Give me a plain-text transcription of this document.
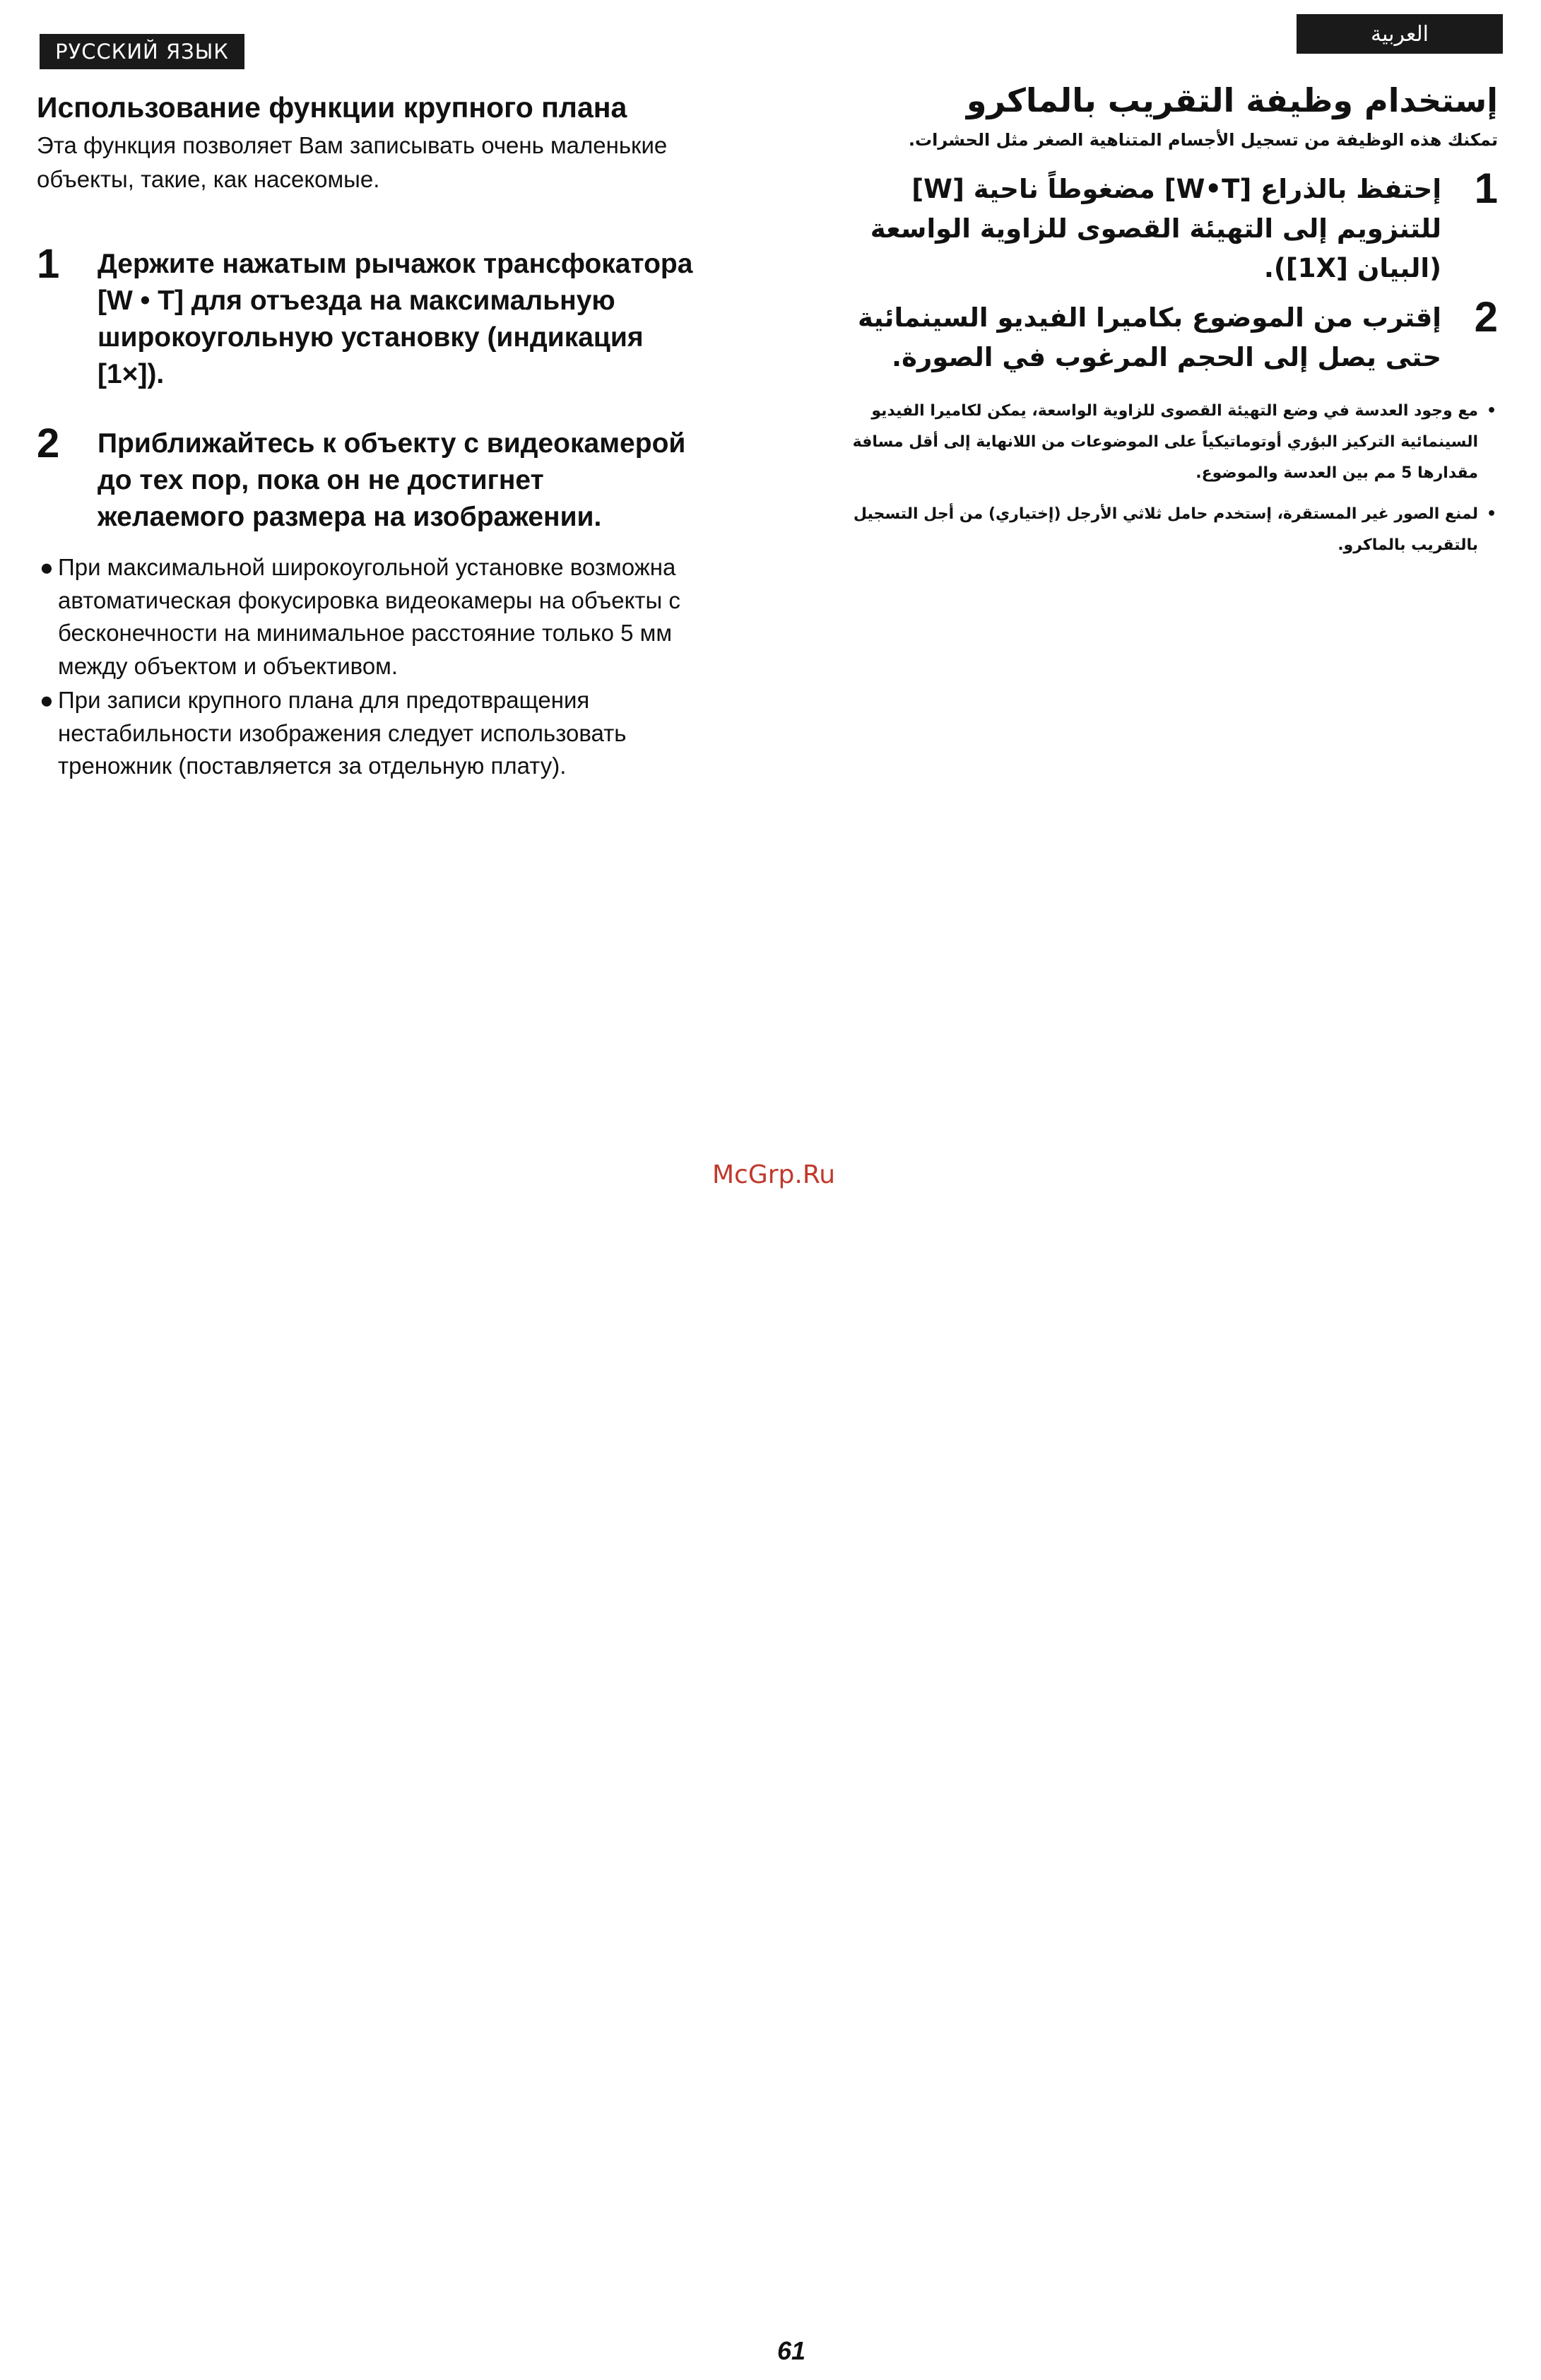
РУССКИЙ ЯЗЫК
العربية
Использование функции крупного плана

Эта функция позволяет Вам записывать очень маленькие объекты, такие, как насекомые.

1 Держите нажатым рычажок трансфокатора [W • T] для отъезда на максимальную широкоугольную установку (индикация [1×]).
2 Приближайтесь к объекту с видеокамерой до тех пор, пока он не достигнет желаемого размера на изображении.
● При максимальной широкоугольной установке возможна автоматическая фокусировка видеокамеры на объекты с бесконечности на минимальное расстояние только 5 мм между объектом и объективом.
● При записи крупного плана для предотвращения нестабильности изображения следует использовать треножник (поставляется за отдельную плату).
إستخدام وظيفة التقريب بالماكرو

تمكنك هذه الوظيفة من تسجيل الأجسام المتناهية الصغر مثل الحشرات.

1
إحتفظ بالذراع [W•T] مضغوطاً ناحية [W] للتنزويم إلى التهيئة القصوى للزاوية الواسعة (البيان [1X]).
2
إقترب من الموضوع بكاميرا الفيديو السينمائية حتى يصل إلى الحجم المرغوب في الصورة.
•
مع وجود العدسة في وضع التهيئة القصوى للزاوية الواسعة، يمكن لكاميرا الفيديو السينمائية التركيز البؤري أوتوماتيكياً على الموضوعات من اللانهاية إلى أقل مسافة مقدارها 5 مم بين العدسة والموضوع.
•
لمنع الصور غير المستقرة، إستخدم حامل ثلاثي الأرجل (إختياري) من أجل التسجيل بالتقريب بالماكرو.
McGrp.Ru
61
